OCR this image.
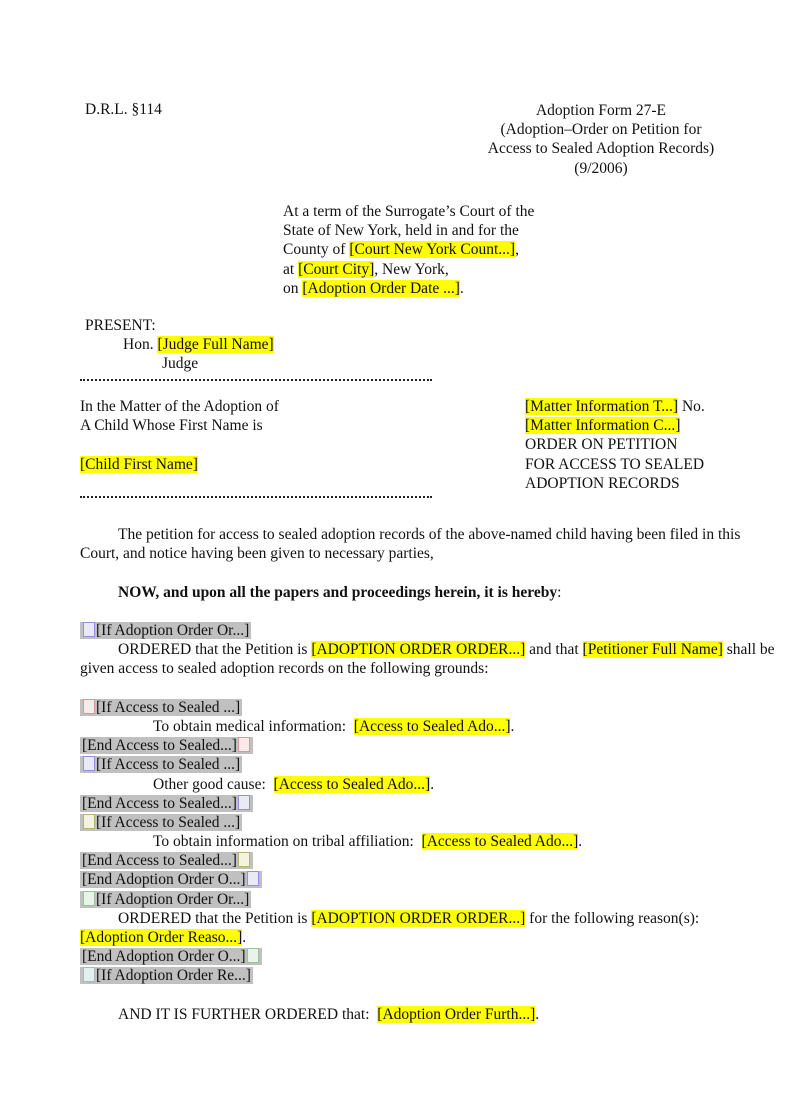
D.R.L. §114	Adoption Form 27-E
(Adoption–Order on Petition for
Access to Sealed Adoption Records)
(9/2006)
At a term of the Surrogate’s Court of the
State of New York, held in and for the
County of [Court New York Count...],
at [Court City], New York,
on [Adoption Order Date ...].
PRESENT:
Hon. [Judge Full Name]
Judge
In the Matter of the Adoption of
A Child Whose First Name is
[Child First Name]
[Matter Information T...] No.
[Matter Information C...]
ORDER ON PETITION
FOR ACCESS TO SEALED
ADOPTION RECORDS
The petition for access to sealed adoption records of the above-named child having been filed in this Court, and notice having been given to necessary parties,
NOW, and upon all the papers and proceedings herein, it is hereby:
[If Adoption Order Or...]
ORDERED that the Petition is [ADOPTION ORDER ORDER...] and that [Petitioner Full Name] shall be given access to sealed adoption records on the following grounds:
[If Access to Sealed ...]
To obtain medical information:  [Access to Sealed Ado...].
[End Access to Sealed...]
[If Access to Sealed ...]
Other good cause:  [Access to Sealed Ado...].
[End Access to Sealed...]
[If Access to Sealed ...]
To obtain information on tribal affiliation:  [Access to Sealed Ado...].
[End Access to Sealed...]
[End Adoption Order O...]
[If Adoption Order Or...]
ORDERED that the Petition is [ADOPTION ORDER ORDER...] for the following reason(s):
[Adoption Order Reaso...].
[End Adoption Order O...]
[If Adoption Order Re...]
AND IT IS FURTHER ORDERED that:  [Adoption Order Furth...].
